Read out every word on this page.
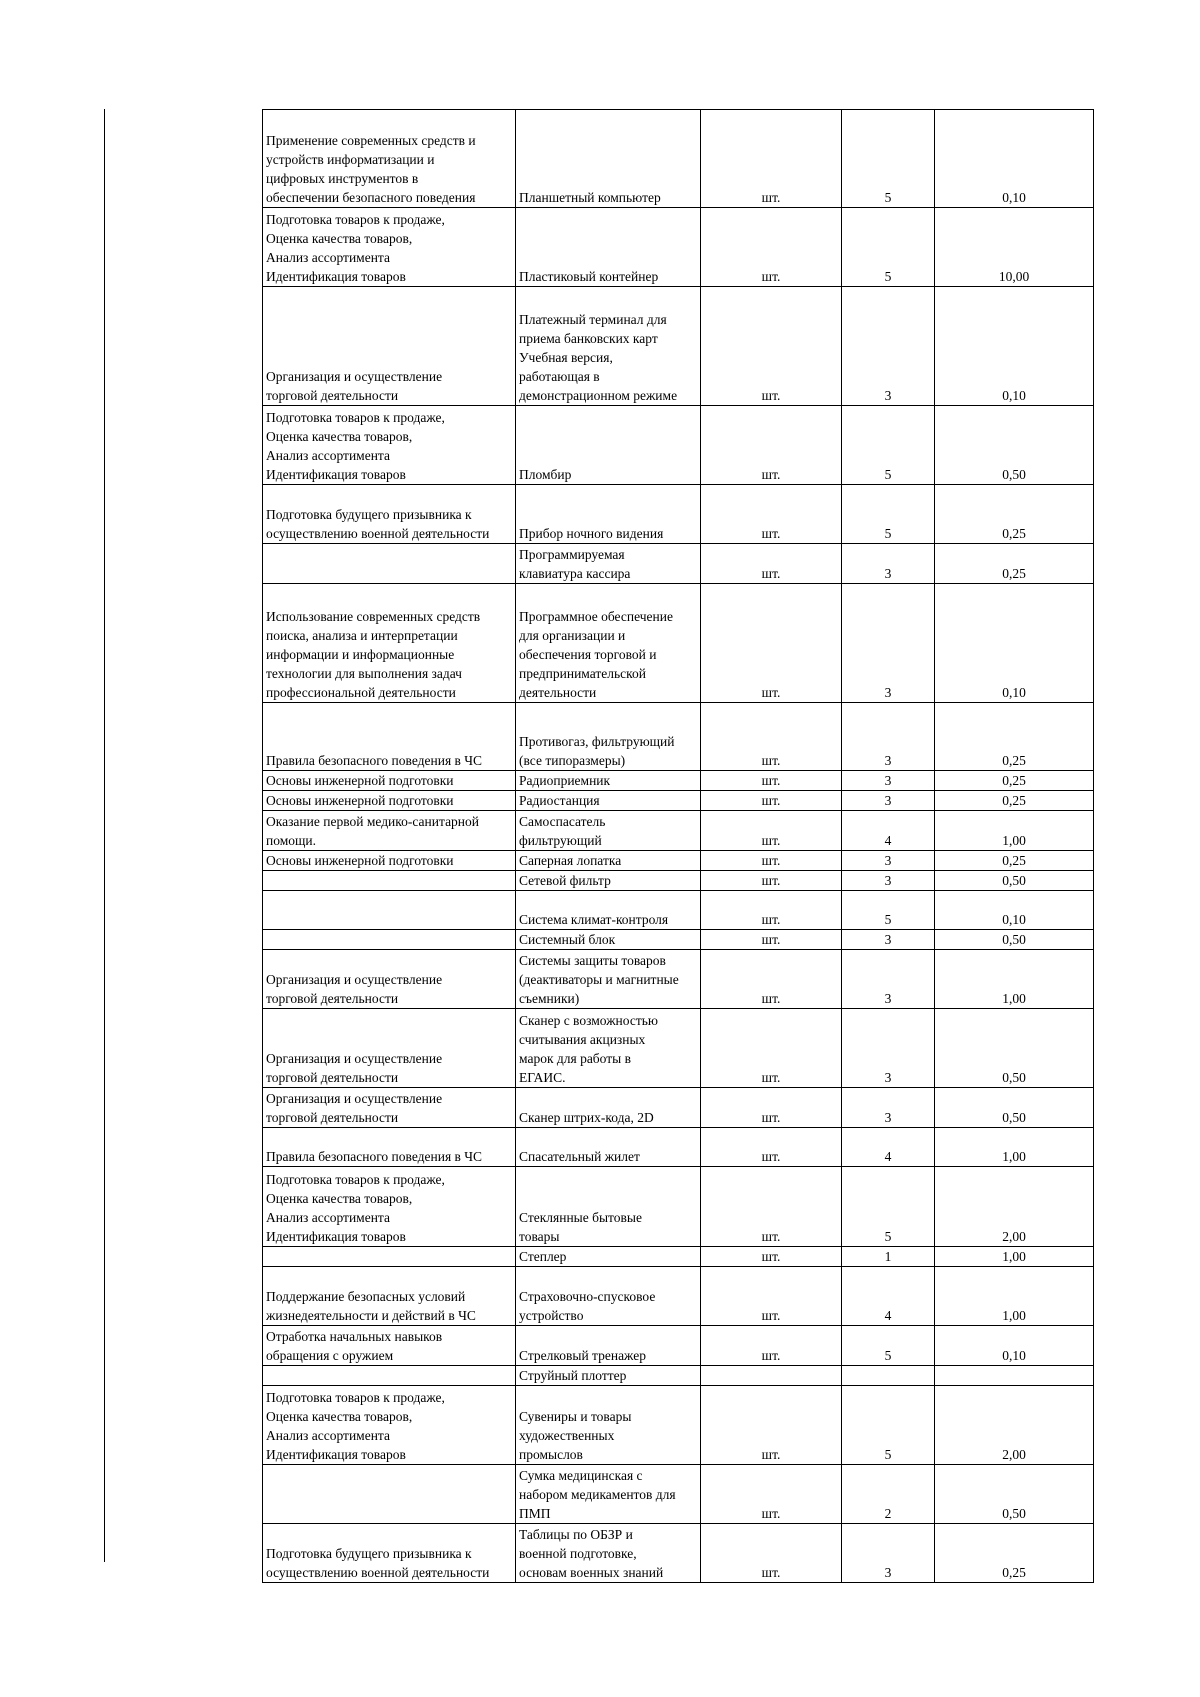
Применение современных средств и
устройств информатизации и
цифровых инструментов в
обеспечении безопасного поведения	Планшетный компьютер	шт.	5	0,10
Подготовка товаров к продаже,
Оценка качества товаров,
Анализ ассортимента
Идентификация товаров	Пластиковый контейнер	шт.	5	10,00
Организация и осуществление
торговой деятельности	Платежный терминал для
приема банковских карт
Учебная версия,
работающая в
демонстрационном режиме	шт.	3	0,10
Подготовка товаров к продаже,
Оценка качества товаров,
Анализ ассортимента
Идентификация товаров	Пломбир	шт.	5	0,50
Подготовка будущего призывника к
осуществлению военной деятельности	Прибор ночного видения	шт.	5	0,25
	Программируемая
клавиатура кассира	шт.	3	0,25
Использование современных средств
поиска, анализа и интерпретации
информации и информационные
технологии для выполнения задач
профессиональной деятельности	Программное обеспечение
для организации и
обеспечения торговой и
предпринимательской
деятельности	шт.	3	0,10
Правила безопасного поведения в ЧС	Противогаз, фильтрующий
(все типоразмеры)	шт.	3	0,25
Основы инженерной подготовки	Радиоприемник	шт.	3	0,25
Основы инженерной подготовки	Радиостанция	шт.	3	0,25
Оказание первой медико-санитарной
помощи.	Самоспасатель
фильтрующий	шт.	4	1,00
Основы инженерной подготовки	Саперная лопатка	шт.	3	0,25
	Сетевой фильтр	шт.	3	0,50
	Система климат-контроля	шт.	5	0,10
	Системный блок	шт.	3	0,50
Организация и осуществление
торговой деятельности	Системы защиты товаров
(деактиваторы и магнитные
съемники)	шт.	3	1,00
Организация и осуществление
торговой деятельности	Сканер с возможностью
считывания акцизных
марок для работы в
ЕГАИС.	шт.	3	0,50
Организация и осуществление
торговой деятельности	Сканер штрих-кода, 2D	шт.	3	0,50
Правила безопасного поведения в ЧС	Спасательный жилет	шт.	4	1,00
Подготовка товаров к продаже,
Оценка качества товаров,
Анализ ассортимента
Идентификация товаров	Стеклянные бытовые
товары	шт.	5	2,00
	Степлер	шт.	1	1,00
Поддержание безопасных условий
жизнедеятельности и действий в ЧС	Страховочно-спусковое
устройство	шт.	4	1,00
Отработка начальных навыков
обращения с оружием	Стрелковый тренажер	шт.	5	0,10
	Струйный плоттер			
Подготовка товаров к продаже,
Оценка качества товаров,
Анализ ассортимента
Идентификация товаров	Сувениры и товары
художественных
промыслов	шт.	5	2,00
	Сумка медицинская с
набором медикаментов для
ПМП	шт.	2	0,50
Подготовка будущего призывника к
осуществлению военной деятельности	Таблицы по ОБЗР и
военной подготовке,
основам военных знаний	шт.	3	0,25
